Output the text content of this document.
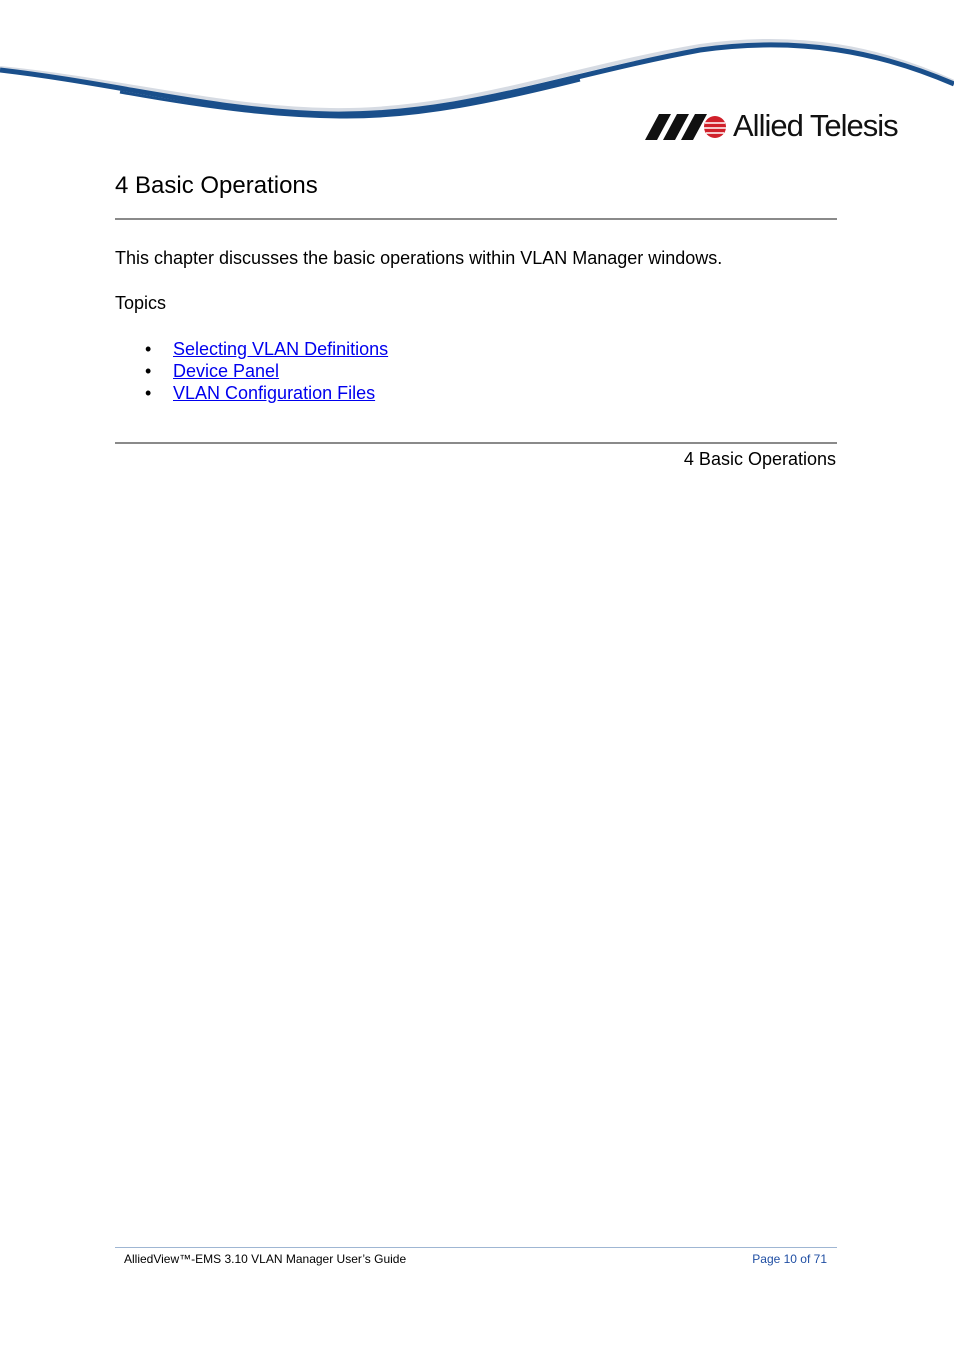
Allied Telesis
4 Basic Operations

This chapter discusses the basic operations within VLAN Manager windows.

Topics

• Selecting VLAN Definitions
• Device Panel
• VLAN Configuration Files
4 Basic Operations
AlliedView™-EMS 3.10 VLAN Manager User’s Guide	Page 10 of 71
